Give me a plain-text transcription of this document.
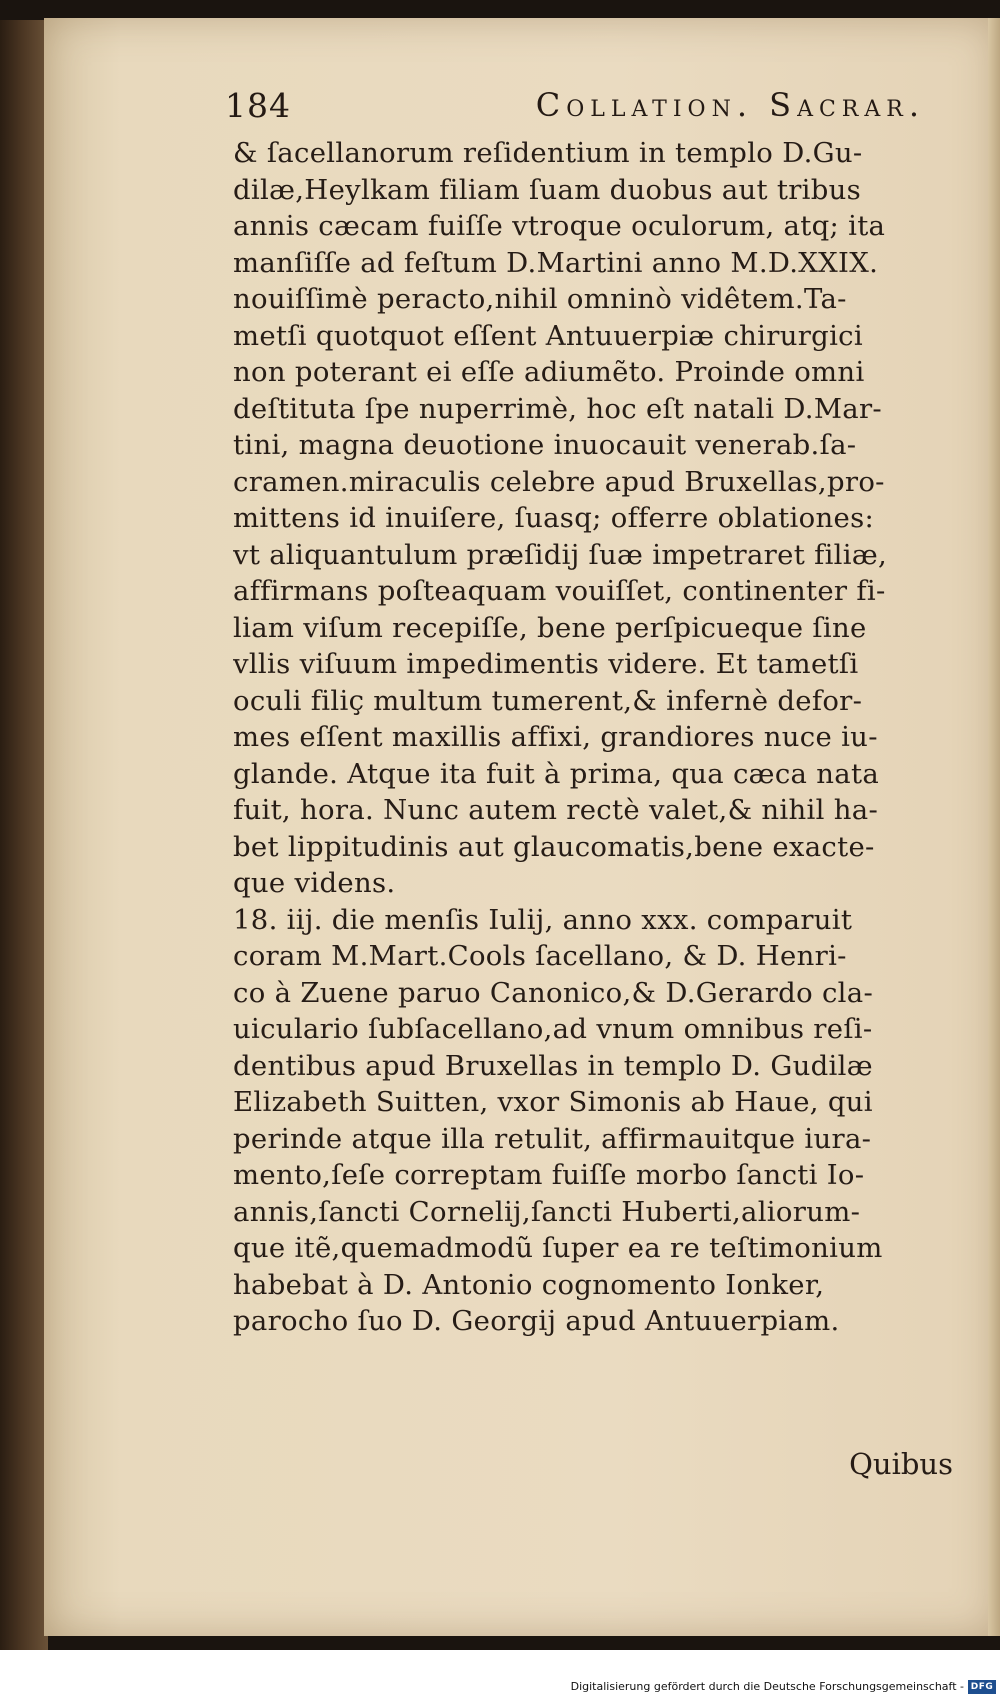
184	Collation. Sacrar.
& ſacellanorum reſidentium in templo D.Gu-
dilæ,Heylkam filiam ſuam duobus aut tribus
annis cæcam fuiſſe vtroque oculorum, atq; ita
manſiſſe ad feſtum D.Martini anno M.D.XXIX.
nouiſſimè peracto,nihil omninò vidêtem.Ta-
metſi quotquot eſſent Antuuerpiæ chirurgici
non poterant ei eſſe adiumẽto. Proinde omni
deſtituta ſpe nuperrimè, hoc eſt natali D.Mar-
tini, magna deuotione inuocauit venerab.ſa-
cramen.miraculis celebre apud Bruxellas,pro-
mittens id inuiſere, ſuasq; offerre oblationes:
vt aliquantulum præſidij ſuæ impetraret filiæ,
affirmans poſteaquam vouiſſet, continenter fi-
liam viſum recepiſſe, bene perſpicueque ſine
vllis viſuum impedimentis videre. Et tametſi
oculi filiç multum tumerent,& infernè defor-
mes eſſent maxillis affixi, grandiores nuce iu-
glande. Atque ita fuit à prima, qua cæca nata
fuit, hora. Nunc autem rectè valet,& nihil ha-
bet lippitudinis aut glaucomatis,bene exacte-
que videns.
18. iij. die menſis Iulij, anno xxx. comparuit
coram M.Mart.Cools ſacellano, & D. Henri-
co à Zuene paruo Canonico,& D.Gerardo cla-
uiculario ſubſacellano,ad vnum omnibus reſi-
dentibus apud Bruxellas in templo D. Gudilæ
Elizabeth Suitten, vxor Simonis ab Haue, qui
perinde atque illa retulit, affirmauitque iura-
mento,ſeſe correptam fuiſſe morbo ſancti Io-
annis,ſancti Cornelij,ſancti Huberti,aliorum-
que itẽ,quemadmodũ ſuper ea re teſtimonium
habebat à D. Antonio cognomento Ionker,
parocho ſuo D. Georgij apud Antuuerpiam.
Quibus
Digitalisierung gefördert durch die Deutsche Forschungsgemeinschaft - DFG
